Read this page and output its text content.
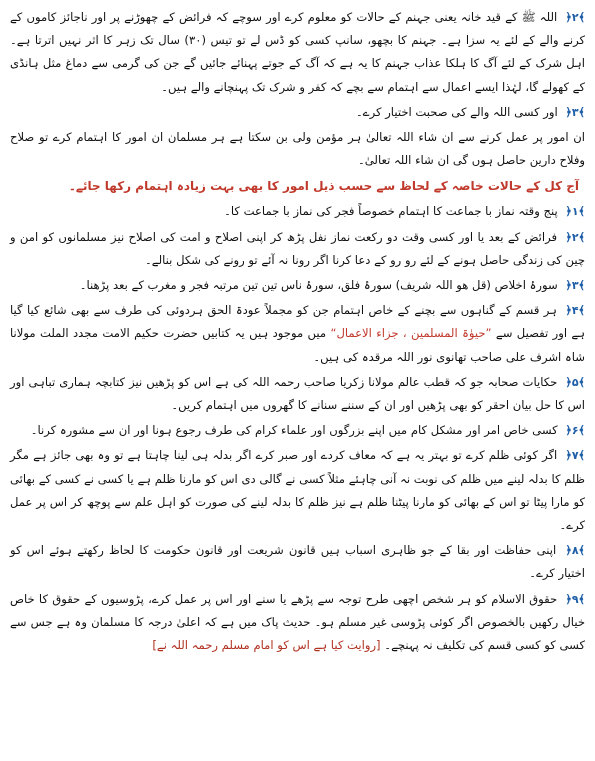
﴿۲﴾ اللہ ﷺ کے قید خانہ یعنی جہنم کے حالات کو معلوم کرے اور سوچے کہ فرائض کے چھوڑنے پر اور ناجائز کاموں کے کرنے والے کے لئے یہ سزا ہے۔ جہنم کا بچھو، سانپ کسی کو ڈس لے تو تیس (۳۰) سال تک زہر کا اثر نہیں اترتا ہے۔ اہل شرک کے لئے آگ کا ہلکا عذاب جہنم کا یہ ہے کہ آگ کے جوتے پہنائے جائیں گے جن کی گرمی سے دماغ مثل ہانڈی کے کھولے گا، لہٰذا ایسے اعمال سے اہتمام سے بچے کہ کفر و شرک تک پہنچانے والے ہیں۔

﴿۳﴾ اور کسی اللہ والے کی صحبت اختیار کرے۔

ان امور پر عمل کرنے سے ان شاء اللہ تعالیٰ ہر مؤمن ولی بن سکتا ہے ہر مسلمان ان امور کا اہتمام کرے تو صلاح وفلاح دارین حاصل ہوں گی ان شاء اللہ تعالیٰ۔

آج کل کے حالات خاصہ کے لحاظ سے حسب ذیل امور کا بھی بہت زیادہ اہتمام رکھا جائے۔

﴿۱﴾ پنج وقتہ نماز با جماعت کا اہتمام خصوصاً فجر کی نماز با جماعت کا۔

﴿۲﴾ فرائض کے بعد یا اور کسی وقت دو رکعت نماز نفل پڑھ کر اپنی اصلاح و امت کی اصلاح نیز مسلمانوں کو امن و چین کی زندگی حاصل ہونے کے لئے رو رو کے دعا کرنا اگر رونا نہ آئے تو رونے کی شکل بنالے۔

﴿۳﴾ سورۂ اخلاص (قل ھو اللہ شریف) سورۂ فلق، سورۂ ناس تین تین مرتبہ فجر و مغرب کے بعد پڑھنا۔

﴿۴﴾ ہر قسم کے گناہوں سے بچنے کے خاص اہتمام جن کو مجملاً عودۃ الحق ہردوئی کی طرف سے بھی شائع کیا گیا ہے اور تفصیل سے ”حیوٰۃ المسلمین ، جزاء الاعمال“ میں موجود ہیں یہ کتابیں حضرت حکیم الامت مجدد الملت مولانا شاہ اشرف علی صاحب تھانوی نور اللہ مرقدہ کی ہیں۔

﴿۵﴾ حکایات صحابہ جو کہ قطب عالم مولانا زکریا صاحب رحمہ اللہ کی ہے اس کو پڑھیں نیز کتابچہ ہماری تباہی اور اس کا حل بیان احقر کو بھی پڑھیں اور ان کے سننے سنانے کا گھروں میں اہتمام کریں۔

﴿۶﴾ کسی خاص امر اور مشکل کام میں اپنے بزرگوں اور علماء کرام کی طرف رجوع ہونا اور ان سے مشورہ کرنا۔

﴿۷﴾ اگر کوئی ظلم کرے تو بہتر یہ ہے کہ معاف کردے اور صبر کرے اگر بدلہ ہی لینا چاہتا ہے تو وہ بھی جائز ہے مگر ظلم کا بدلہ لینے میں ظلم کی نوبت نہ آنی چاہئے مثلاً کسی نے گالی دی اس کو مارنا ظلم ہے یا کسی نے کسی کے بھائی کو مارا پیٹا تو اس کے بھائی کو مارنا پیٹنا ظلم ہے نیز ظلم کا بدلہ لینے کی صورت کو اہل علم سے پوچھ کر اس پر عمل کرے۔

﴿۸﴾ اپنی حفاظت اور بقا کے جو ظاہری اسباب ہیں قانون شریعت اور قانون حکومت کا لحاظ رکھتے ہوئے اس کو اختیار کرے۔

﴿۹﴾ حقوق الاسلام کو ہر شخص اچھی طرح توجہ سے پڑھے یا سنے اور اس پر عمل کرے، پڑوسیوں کے حقوق کا خاص خیال رکھیں بالخصوص اگر کوئی پڑوسی غیر مسلم ہو۔ حدیث پاک میں ہے کہ اعلیٰ درجہ کا مسلمان وہ ہے جس سے کسی کو کسی قسم کی تکلیف نہ پہنچے۔ [روایت کیا ہے اس کو امام مسلم رحمہ اللہ نے]
